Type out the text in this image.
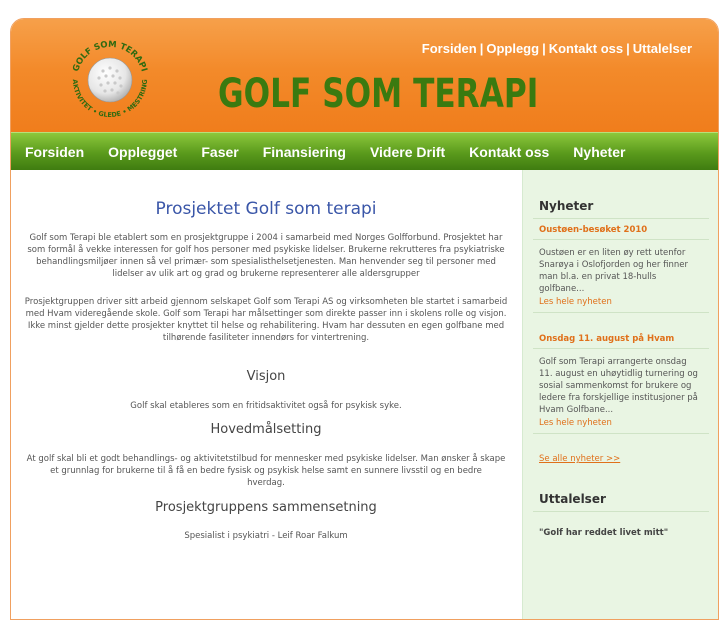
GOLF SOM TERAPI
AKTIVITET • GLEDE • MESTRING
Forsiden | Opplegg | Kontakt oss | Uttalelser
GOLF SOM TERAPI
Forsiden Opplegget Faser Finansiering Videre Drift Kontakt oss Nyheter
Prosjektet Golf som terapi
Golf som Terapi ble etablert som en prosjektgruppe i 2004 i samarbeid med Norges Golfforbund. Prosjektet har
som formål å vekke interessen for golf hos personer med psykiske lidelser. Brukerne rekrutteres fra psykiatriske
behandlingsmiljøer innen så vel primær- som spesialisthelsetjenesten. Man henvender seg til personer med
lidelser av ulik art og grad og brukerne representerer alle aldersgrupper
Prosjektgruppen driver sitt arbeid gjennom selskapet Golf som Terapi AS og virksomheten ble startet i samarbeid
med Hvam videregående skole. Golf som Terapi har målsettinger som direkte passer inn i skolens rolle og visjon.
Ikke minst gjelder dette prosjekter knyttet til helse og rehabilitering. Hvam har dessuten en egen golfbane med
tilhørende fasiliteter innendørs for vintertrening.
Visjon
Golf skal etableres som en fritidsaktivitet også for psykisk syke.
Hovedmålsetting
At golf skal bli et godt behandlings- og aktivitetstilbud for mennesker med psykiske lidelser. Man ønsker å skape
et grunnlag for brukerne til å få en bedre fysisk og psykisk helse samt en sunnere livsstil og en bedre
hverdag.
Prosjektgruppens sammensetning
Spesialist i psykiatri - Leif Roar Falkum
Nyheter
Oustøen-besøket 2010
Oustøen er en liten øy rett utenfor
Snarøya i Oslofjorden og her finner
man bl.a. en privat 18-hulls
golfbane...
Les hele nyheten
Onsdag 11. august på Hvam
Golf som Terapi arrangerte onsdag
11. august en uhøytidlig turnering og
sosial sammenkomst for brukere og
ledere fra forskjellige institusjoner på
Hvam Golfbane...
Les hele nyheten
Se alle nyheter >>
Uttalelser
"Golf har reddet livet mitt"
